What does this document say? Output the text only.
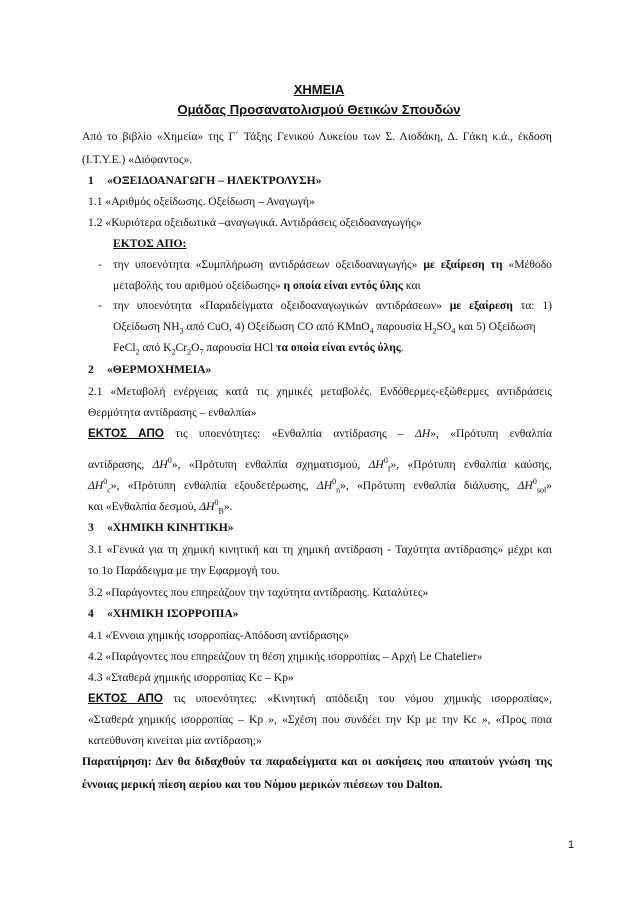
ΧΗΜΕΙΑ
Ομάδας Προσανατολισμού Θετικών Σπουδών
Από το βιβλίο «Χημεία» της Γ΄ Τάξης Γενικού Λυκείου των Σ. Λιοδάκη, Δ. Γάκη κ.ά., έκδοση
(Ι.Τ.Υ.Ε.) «Διόφαντος».
1 «ΟΞΕΙΔΟΑΝΑΓΩΓΗ – ΗΛΕΚΤΡΟΛΥΣΗ»
1.1 «Αριθμός οξείδωσης. Οξείδωση – Αναγωγή»
1.2 «Κυριότερα οξειδωτικά –αναγωγικά. Αντιδράσεις οξειδοαναγωγής»
ΕΚΤΟΣ ΑΠΟ:
- την υποενότητα «Συμπλήρωση αντιδράσεων οξειδοαναγωγής» με εξαίρεση τη «Μέθοδο
μεταβολής του αριθμού οξείδωσης» η οποία είναι εντός ύλης και
- την υποενότητα «Παραδείγματα οξειδοαναγωγικών αντιδράσεων» με εξαίρεση τα: 1)
Οξείδωση $NH_3$ από CuO, 4) Οξείδωση CO από KMnO$_4$ παρουσία $H_2SO_4$ και 5) Οξείδωση
FeCl$_2$ από $K_2Cr_2O_7$ παρουσία HCl τα οποία είναι εντός ύλης.
2 «ΘΕΡΜΟΧΗΜΕΙΑ»
2.1 «Μεταβολή ενέργειας κατά τις χημικές μεταβολές. Ενδόθερμες-εξώθερμες αντιδράσεις
Θερμότητα αντίδρασης – ενθαλπία»
ΕΚΤΟΣ ΑΠΟ τις υποενότητες: «Ενθαλπία αντίδρασης – ΔΗ», «Πρότυπη ενθαλπία
αντίδρασης, $\Delta H^0$», «Πρότυπη ενθαλπία σχηματισμού, $\Delta H^0_f$», «Πρότυπη ενθαλπία καύσης,
$\Delta H^0_c$», «Πρότυπη ενθαλπία εξουδετέρωσης, $\Delta H^0_n$», «Πρότυπη ενθαλπία διάλυσης, $\Delta H^0_{sol}$»
και «Ενθαλπία δεσμού, $\Delta H^0_B$».
3 «ΧΗΜΙΚΗ ΚΙΝΗΤΙΚΗ»
3.1 «Γενικά για τη χημική κινητική και τη χημική αντίδραση - Ταχύτητα αντίδρασης» μέχρι και
το 1ο Παράδειγμα με την Εφαρμογή του.
3.2 «Παράγοντες που επηρεάζουν την ταχύτητα αντίδρασης. Καταλύτες»
4 «ΧΗΜΙΚΗ ΙΣΟΡΡΟΠΙΑ»
4.1 «Έννοια χημικής ισορροπίας-Απόδοση αντίδρασης»
4.2 «Παράγοντες που επηρεάζουν τη θέση χημικής ισορροπίας – Αρχή Le Chatelier»
4.3 «Σταθερά χημικής ισορροπίας Kc – Kp»
ΕΚΤΟΣ ΑΠΟ τις υποενότητες: «Κινητική απόδειξη του νόμου χημικής ισορροπίας»,
«Σταθερά χημικής ισορροπίας – Kp », «Σχέση που συνδέει την Kp με την Kc », «Προς ποια
κατεύθυνση κινείται μία αντίδραση;»
Παρατήρηση: Δεν θα διδαχθούν τα παραδείγματα και οι ασκήσεις που απαιτούν γνώση της
έννοιας μερική πίεση αερίου και του Νόμου μερικών πιέσεων του Dalton.
1
